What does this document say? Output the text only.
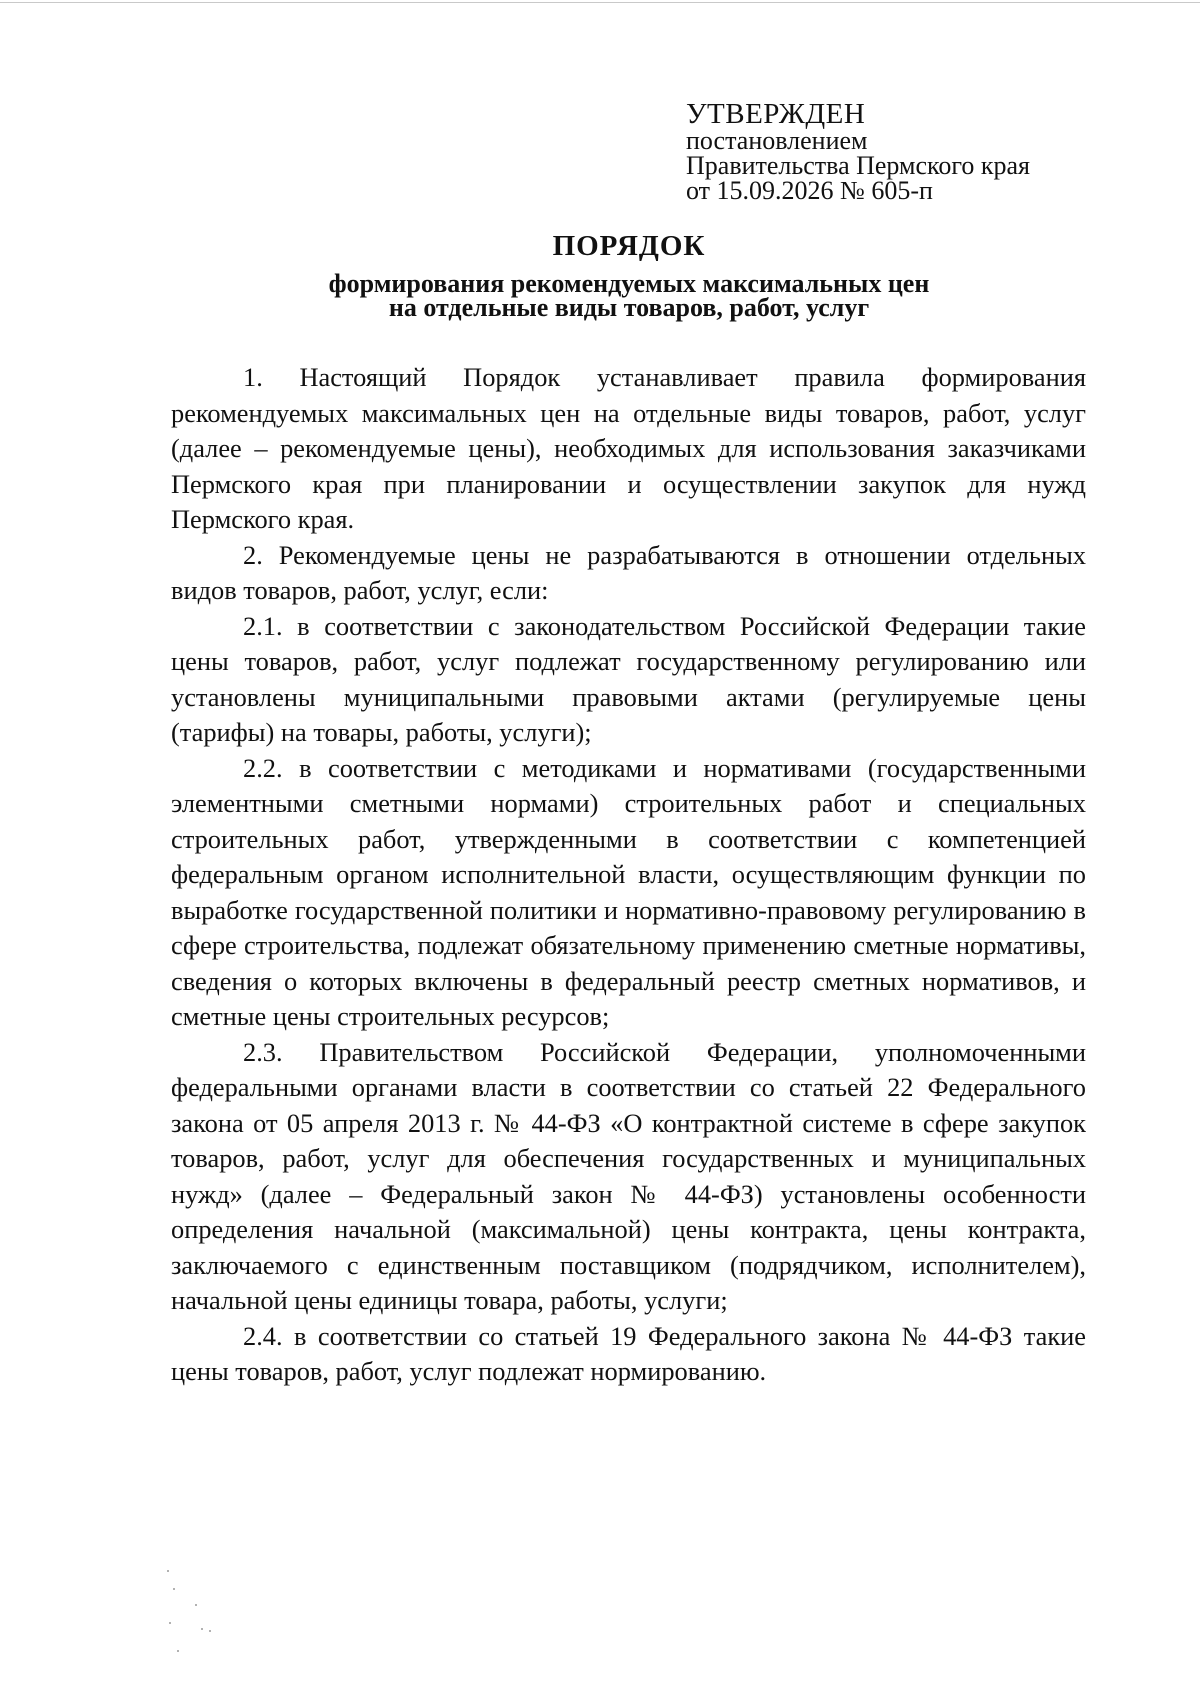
УТВЕРЖДЕН
постановлением
Правительства Пермского края
от 15.09.2026 № 605-п
ПОРЯДОК
формирования рекомендуемых максимальных цен
на отдельные виды товаров, работ, услуг

1. Настоящий Порядок устанавливает правила формирования рекомендуемых максимальных цен на отдельные виды товаров, работ, услуг (далее – рекомендуемые цены), необходимых для использования заказчиками Пермского края при планировании и осуществлении закупок для нужд Пермского края.

2. Рекомендуемые цены не разрабатываются в отношении отдельных видов товаров, работ, услуг, если:

2.1. в соответствии с законодательством Российской Федерации такие цены товаров, работ, услуг подлежат государственному регулированию или установлены муниципальными правовыми актами (регулируемые цены (тарифы) на товары, работы, услуги);

2.2. в соответствии с методиками и нормативами (государственными элементными сметными нормами) строительных работ и специальных строительных работ, утвержденными в соответствии с компетенцией федеральным органом исполнительной власти, осуществляющим функции по выработке государственной политики и нормативно-правовому регулированию в сфере строительства, подлежат обязательному применению сметные нормативы, сведения о которых включены в федеральный реестр сметных нормативов, и сметные цены строительных ресурсов;

2.3. Правительством Российской Федерации, уполномоченными федеральными органами власти в соответствии со статьей 22 Федерального закона от 05 апреля 2013 г. № 44-ФЗ «О контрактной системе в сфере закупок товаров, работ, услуг для обеспечения государственных и муниципальных нужд» (далее – Федеральный закон № 44-ФЗ) установлены особенности определения начальной (максимальной) цены контракта, цены контракта, заключаемого с единственным поставщиком (подрядчиком, исполнителем), начальной цены единицы товара, работы, услуги;

2.4. в соответствии со статьей 19 Федерального закона № 44-ФЗ такие цены товаров, работ, услуг подлежат нормированию.
